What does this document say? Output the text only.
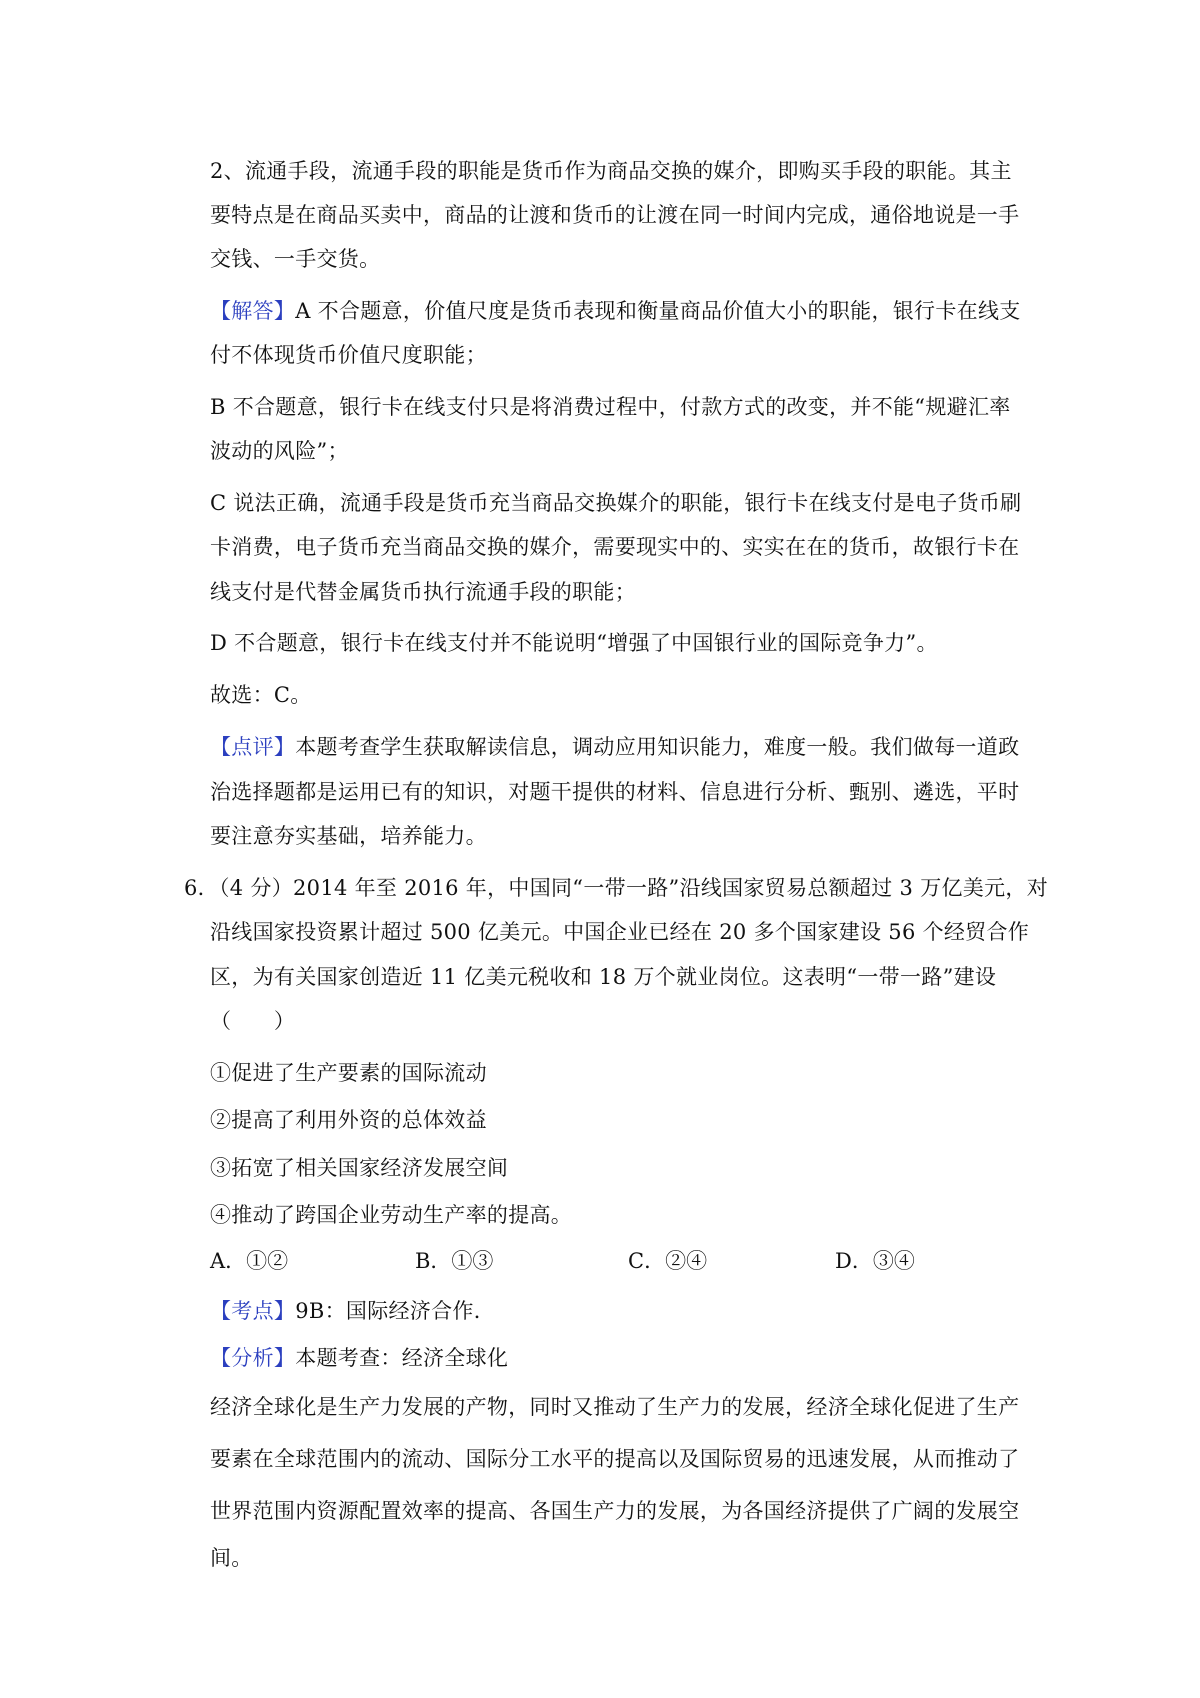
2、流通手段，流通手段的职能是货币作为商品交换的媒介，即购买手段的职能。其主
要特点是在商品买卖中，商品的让渡和货币的让渡在同一时间内完成，通俗地说是一手
交钱、一手交货。
【解答】A 不合题意，价值尺度是货币表现和衡量商品价值大小的职能，银行卡在线支
付不体现货币价值尺度职能；
B 不合题意，银行卡在线支付只是将消费过程中，付款方式的改变，并不能“规避汇率
波动的风险”；
C 说法正确，流通手段是货币充当商品交换媒介的职能，银行卡在线支付是电子货币刷
卡消费，电子货币充当商品交换的媒介，需要现实中的、实实在在的货币，故银行卡在
线支付是代替金属货币执行流通手段的职能；
D 不合题意，银行卡在线支付并不能说明“增强了中国银行业的国际竞争力”。
故选：C。
【点评】本题考查学生获取解读信息，调动应用知识能力，难度一般。我们做每一道政
治选择题都是运用已有的知识，对题干提供的材料、信息进行分析、甄别、遴选，平时
要注意夯实基础，培养能力。
6．（4 分）2014 年至 2016 年，中国同“一带一路”沿线国家贸易总额超过 3 万亿美元，对
沿线国家投资累计超过 500 亿美元。中国企业已经在 20 多个国家建设 56 个经贸合作
区，为有关国家创造近 11 亿美元税收和 18 万个就业岗位。这表明“一带一路”建设
（　　）
①促进了生产要素的国际流动
②提高了利用外资的总体效益
③拓宽了相关国家经济发展空间
④推动了跨国企业劳动生产率的提高。
A．①②	B．①③	C．②④	D．③④
【考点】9B：国际经济合作．
【分析】本题考查：经济全球化
经济全球化是生产力发展的产物，同时又推动了生产力的发展，经济全球化促进了生产
要素在全球范围内的流动、国际分工水平的提高以及国际贸易的迅速发展，从而推动了
世界范围内资源配置效率的提高、各国生产力的发展，为各国经济提供了广阔的发展空
间。
